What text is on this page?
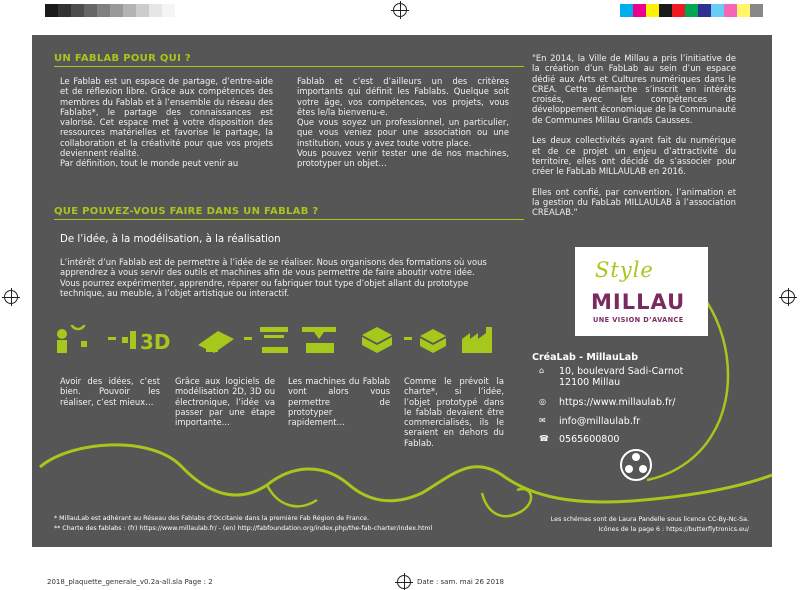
UN FABLAB POUR QUI ?
Le Fablab est un espace de partage, d’entre-aide et de réflexion libre. Grâce aux compétences des membres du Fablab et à l’ensemble du réseau des Fablabs*, le partage des connaissances est valorisé. Cet espace met à votre disposition des ressources matérielles et favorise le partage, la collaboration et la créativité pour que vos projets deviennent réalité.
Par définition, tout le monde peut venir au
Fablab et c’est d’ailleurs un des critères importants qui définit les Fablabs. Quelque soit votre âge, vos compétences, vos projets, vous êtes le/la bienvenu-e.
Que vous soyez un professionnel, un particulier, que vous veniez pour une association ou une institution, vous y avez toute votre place.
Vous pouvez venir tester une de nos machines, prototyper un objet…
QUE POUVEZ-VOUS FAIRE DANS UN FABLAB ?
De l’idée, à la modélisation, à la réalisation
L’intérêt d’un Fablab est de permettre à l’idée de se réaliser. Nous organisons des formations où vous apprendrez à vous servir des outils et machines afin de vous permettre de faire aboutir votre idée.
Vous pourrez expérimenter, apprendre, réparer ou fabriquer tout type d’objet allant du prototype technique, au meuble, à l’objet artistique ou interactif.
3D
Avoir des idées, c’est bien. Pouvoir les réaliser, c’est mieux…
Grâce aux logiciels de modélisation 2D, 3D ou électronique, l’idée va passer par une étape importante…
Les machines du Fablab vont alors vous permettre de prototyper rapidement…
Comme le prévoit la charte*, si l’idée, l’objet prototypé dans le fablab devaient être commercialisés, ils le seraient en dehors du Fablab.
"En 2014, la Ville de Millau a pris l’initiative de la création d’un FabLab au sein d’un espace dédié aux Arts et Cultures numériques dans le CREA. Cette démarche s’inscrit en intérêts croisés, avec les compétences de développement économique de la Communauté de Communes Millau Grands Causses.

Les deux collectivités ayant fait du numérique et de ce projet un enjeu d’attractivité du territoire, elles ont décidé de s’associer pour créer le FabLab MILLAULAB en 2016.

Elles ont confié, par convention, l’animation et la gestion du FabLab MILLAULAB à l’association CREALAB."
Style
MILLAU
UNE VISION D’AVANCE
CréaLab - MillauLab
⌂	10, boulevard Sadi-Carnot
12100 Millau
◎	https://www.millaulab.fr/
✉	info@millaulab.fr
☎	0565600800
* MillauLab est adhérant au Réseau des Fablabs d’Occitanie dans la première Fab Région de France.
** Charte des fablabs : (fr) https://www.millaulab.fr/ - (en) http://fabfoundation.org/index.php/the-fab-charter/index.html
Les schémas sont de Laura Pandelle sous licence CC-By-Nc-Sa.
Icônes de la page 6 : https://butterflytronics.eu/
2018_plaquette_generale_v0.2a-all.sla Page : 2	Date : sam. mai 26 2018
